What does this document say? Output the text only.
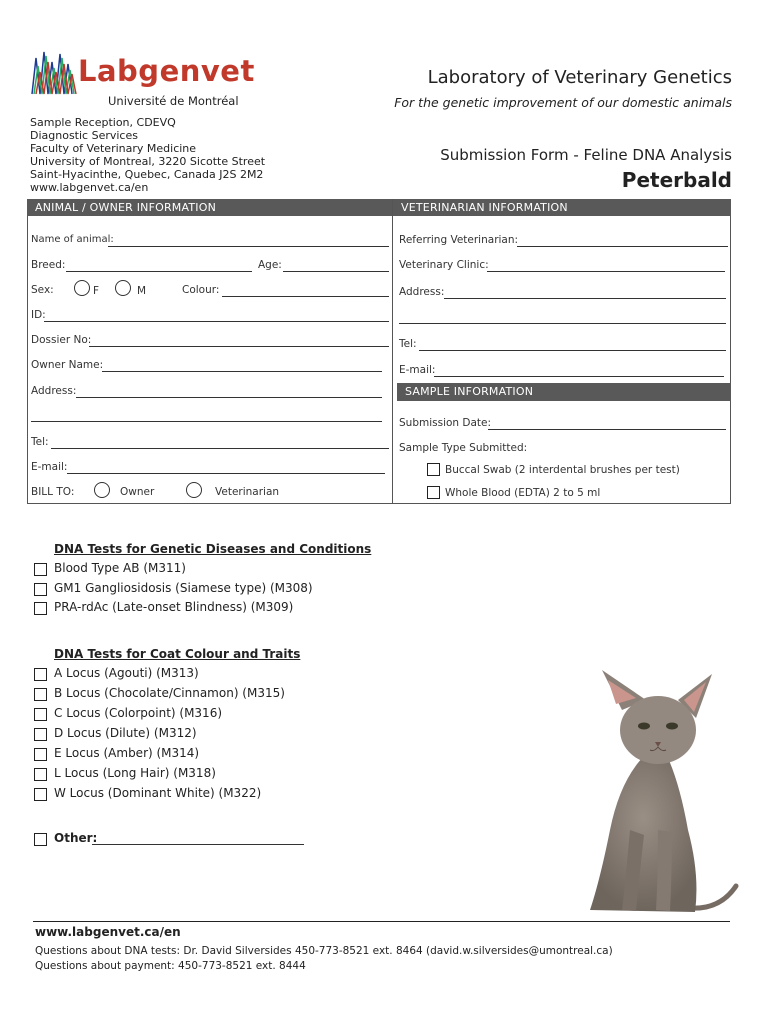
Labgenvet
Université de Montréal
Laboratory of Veterinary Genetics
For the genetic improvement of our domestic animals
Submission Form - Feline DNA Analysis
Peterbald
Sample Reception, CDEVQ
Diagnostic Services
Faculty of Veterinary Medicine
University of Montreal, 3220 Sicotte Street
Saint-Hyacinthe, Quebec, Canada J2S 2M2
www.labgenvet.ca/en
ANIMAL / OWNER INFORMATION	VETERINARIAN INFORMATION
Name of animal:
Breed:	Age:
Sex:	F	M	Colour:
ID:
Dossier No:
Owner Name:
Address:
Tel:
E-mail:
BILL TO:	Owner	Veterinarian
Referring Veterinarian:
Veterinary Clinic:
Address:
Tel:
E-mail:
SAMPLE INFORMATION
Submission Date:
Sample Type Submitted:
Buccal Swab (2 interdental brushes per test)
Whole Blood (EDTA) 2 to 5 ml
DNA Tests for Genetic Diseases and Conditions
Blood Type AB (M311)
GM1 Gangliosidosis (Siamese type) (M308)
PRA-rdAc (Late-onset Blindness) (M309)
DNA Tests for Coat Colour and Traits
A Locus (Agouti) (M313)
B Locus (Chocolate/Cinnamon) (M315)
C Locus (Colorpoint) (M316)
D Locus (Dilute) (M312)
E Locus (Amber) (M314)
L Locus (Long Hair) (M318)
W Locus (Dominant White) (M322)
Other:
www.labgenvet.ca/en
Questions about DNA tests: Dr. David Silversides 450-773-8521 ext. 8464 (david.w.silversides@umontreal.ca)
Questions about payment: 450-773-8521 ext. 8444
